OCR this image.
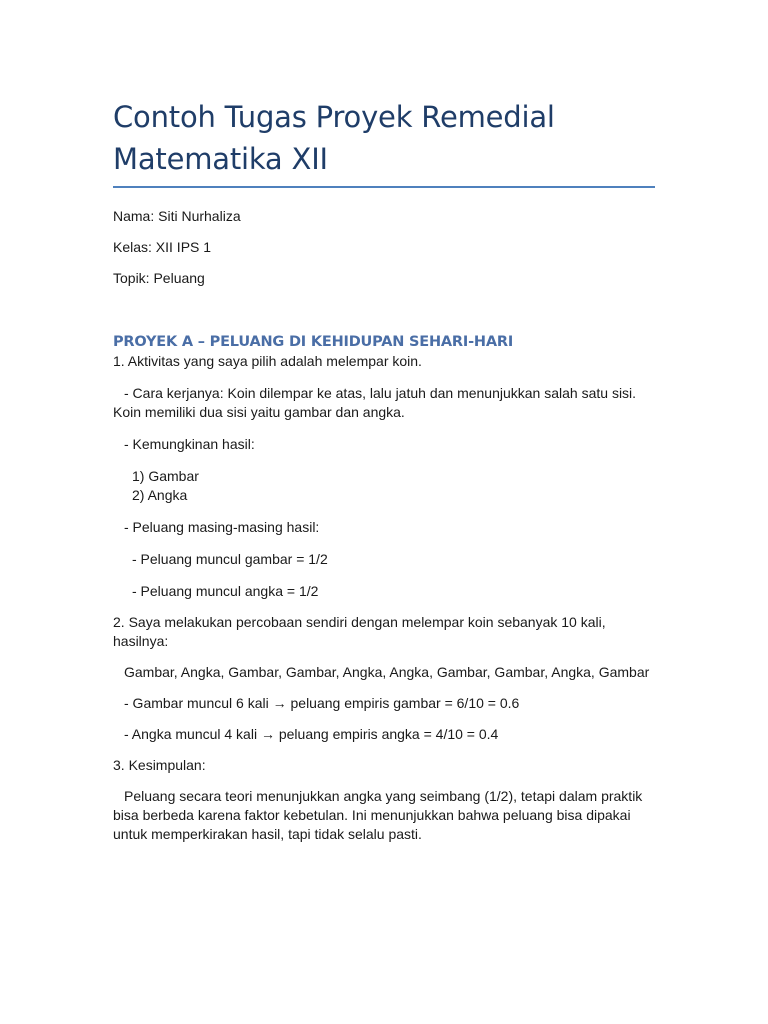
Contoh Tugas Proyek Remedial
Matematika XII

Nama: Siti Nurhaliza

Kelas: XII IPS 1

Topik: Peluang

PROYEK A – PELUANG DI KEHIDUPAN SEHARI-HARI

1. Aktivitas yang saya pilih adalah melempar koin.

- Cara kerjanya: Koin dilempar ke atas, lalu jatuh dan menunjukkan salah satu sisi. Koin memiliki dua sisi yaitu gambar dan angka.

- Kemungkinan hasil:

1) Gambar

2) Angka

- Peluang masing-masing hasil:

- Peluang muncul gambar = 1/2

- Peluang muncul angka = 1/2

2. Saya melakukan percobaan sendiri dengan melempar koin sebanyak 10 kali, hasilnya:

Gambar, Angka, Gambar, Gambar, Angka, Angka, Gambar, Gambar, Angka, Gambar

- Gambar muncul 6 kali → peluang empiris gambar = 6/10 = 0.6

- Angka muncul 4 kali → peluang empiris angka = 4/10 = 0.4

3. Kesimpulan:

Peluang secara teori menunjukkan angka yang seimbang (1/2), tetapi dalam praktik bisa berbeda karena faktor kebetulan. Ini menunjukkan bahwa peluang bisa dipakai untuk memperkirakan hasil, tapi tidak selalu pasti.
